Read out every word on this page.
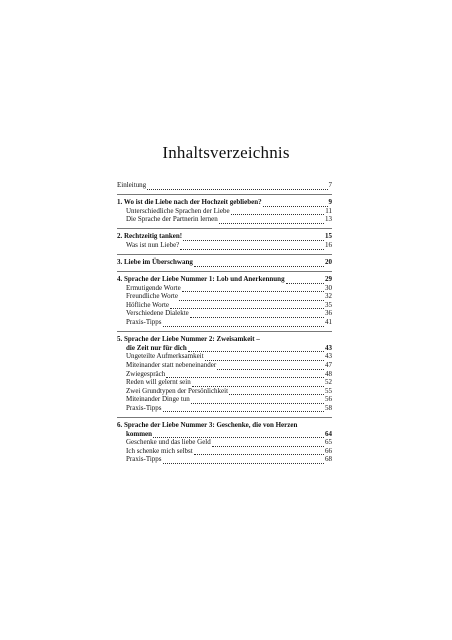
Inhaltsverzeichnis
Einleitung	7
1. Wo ist die Liebe nach der Hochzeit geblieben?	9
Unterschiedliche Sprachen der Liebe	11
Die Sprache der Partnerin lernen	13
2. Rechtzeitig tanken!	15
Was ist nun Liebe?	16
3. Liebe im Überschwang	20
4. Sprache der Liebe Nummer 1: Lob und Anerkennung	29
Ermutigende Worte	30
Freundliche Worte	32
Höfliche Worte	35
Verschiedene Dialekte	36
Praxis-Tipps	41
5. Sprache der Liebe Nummer 2: Zweisamkeit –
die Zeit nur für dich	43
Ungeteilte Aufmerksamkeit	43
Miteinander statt nebeneinander	47
Zwiegespräch	48
Reden will gelernt sein	52
Zwei Grundtypen der Persönlichkeit	55
Miteinander Dinge tun	56
Praxis-Tipps	58
6. Sprache der Liebe Nummer 3: Geschenke, die von Herzen
kommen	64
Geschenke und das liebe Geld	65
Ich schenke mich selbst	66
Praxis-Tipps	68
